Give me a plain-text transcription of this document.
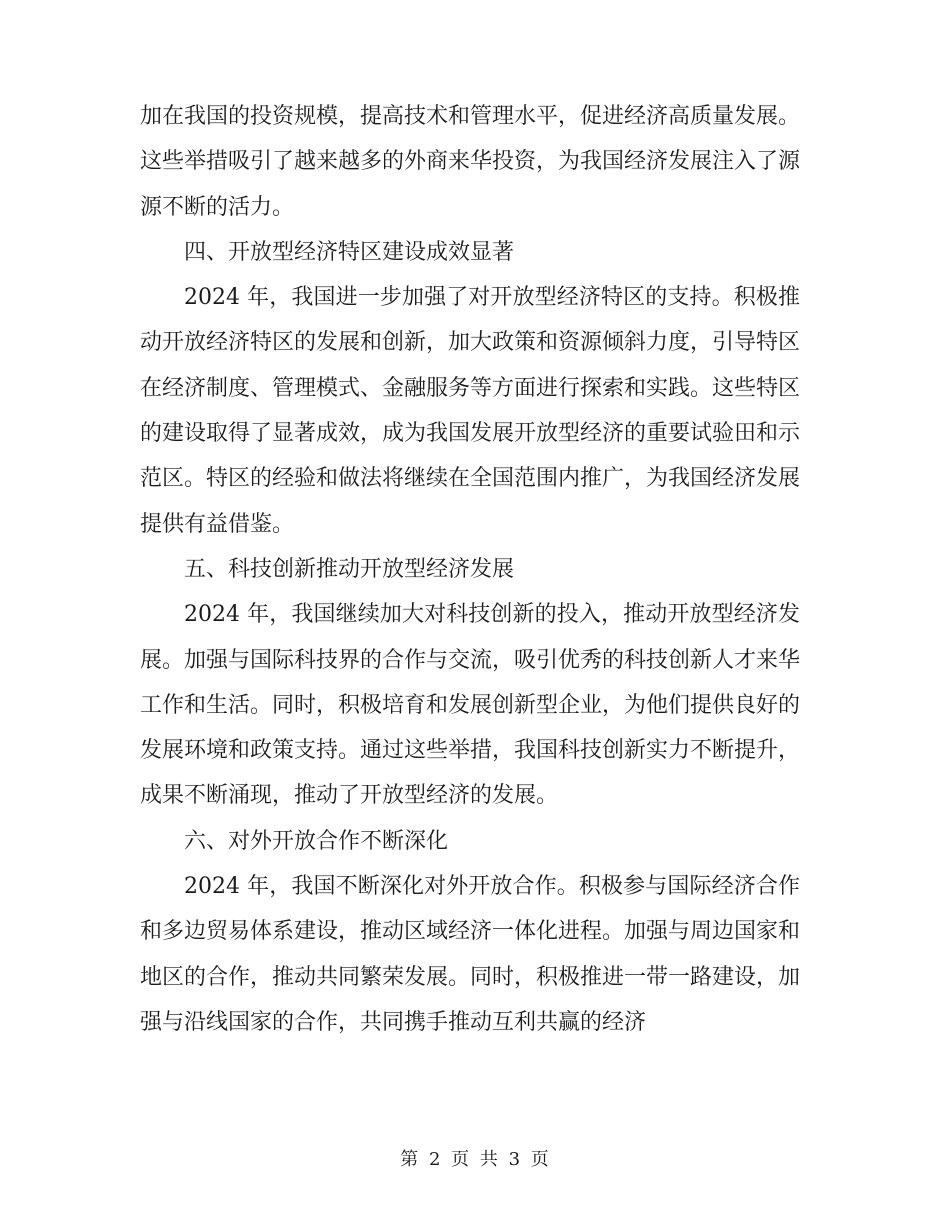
加在我国的投资规模，提高技术和管理水平，促进经济高质量发展。这些举措吸引了越来越多的外商来华投资，为我国经济发展注入了源源不断的活力。

四、开放型经济特区建设成效显著

2024 年，我国进一步加强了对开放型经济特区的支持。积极推动开放经济特区的发展和创新，加大政策和资源倾斜力度，引导特区在经济制度、管理模式、金融服务等方面进行探索和实践。这些特区的建设取得了显著成效，成为我国发展开放型经济的重要试验田和示范区。特区的经验和做法将继续在全国范围内推广，为我国经济发展提供有益借鉴。

五、科技创新推动开放型经济发展

2024 年，我国继续加大对科技创新的投入，推动开放型经济发展。加强与国际科技界的合作与交流，吸引优秀的科技创新人才来华工作和生活。同时，积极培育和发展创新型企业，为他们提供良好的发展环境和政策支持。通过这些举措，我国科技创新实力不断提升，成果不断涌现，推动了开放型经济的发展。

六、对外开放合作不断深化

2024 年，我国不断深化对外开放合作。积极参与国际经济合作和多边贸易体系建设，推动区域经济一体化进程。加强与周边国家和地区的合作，推动共同繁荣发展。同时，积极推进一带一路建设，加强与沿线国家的合作，共同携手推动互利共赢的经济

第 2 页 共 3 页
